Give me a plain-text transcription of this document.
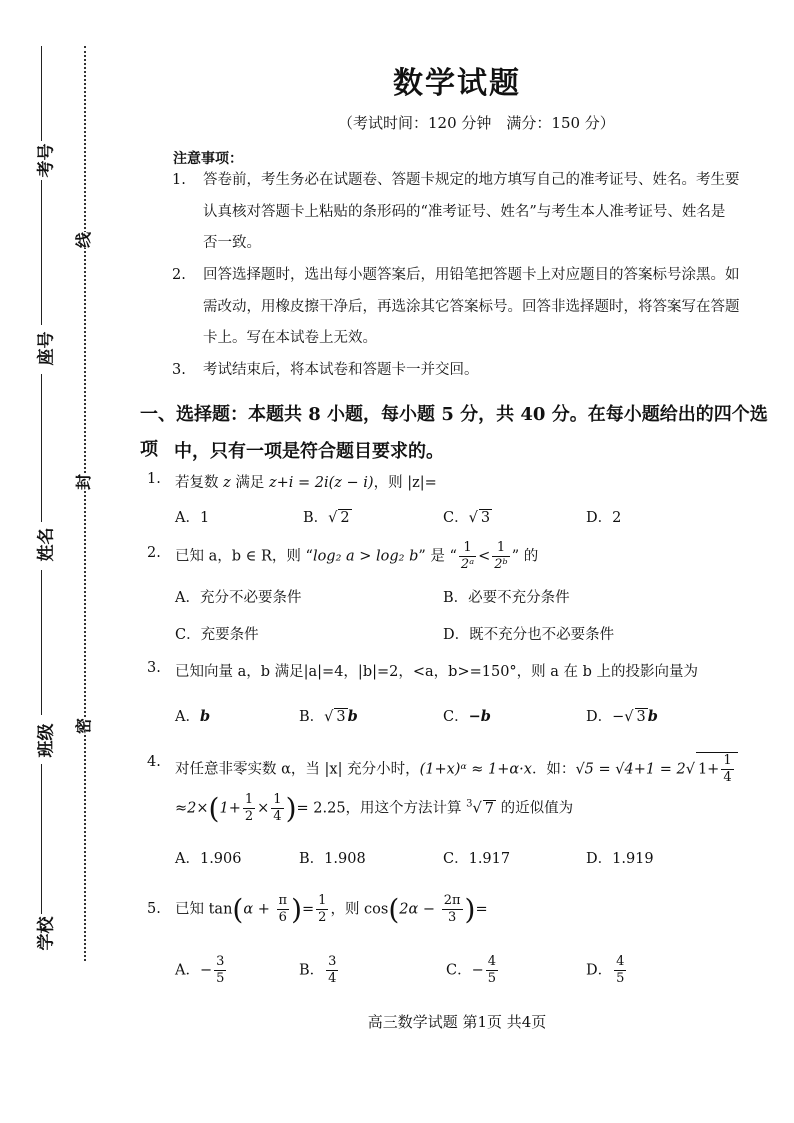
考号
座号
姓名
班级
学校
线
封
密
数学试题
（考试时间：120 分钟　满分：150 分）
注意事项：
1. 答卷前，考生务必在试题卷、答题卡规定的地方填写自己的准考证号、姓名。考生要
认真核对答题卡上粘贴的条形码的“准考证号、姓名”与考生本人准考证号、姓名是
否一致。
2. 回答选择题时，选出每小题答案后，用铅笔把答题卡上对应题目的答案标号涂黑。如
需改动，用橡皮擦干净后，再选涂其它答案标号。回答非选择题时，将答案写在答题
卡上。写在本试卷上无效。
3. 考试结束后，将本试卷和答题卡一并交回。
一、选择题：本题共 8 小题，每小题 5 分，共 40 分。在每小题给出的四个选项 中，只有一项是符合题目要求的。
1. 若复数 z 满足 z+i = 2i(z − i)，则 |z|=
A．1	B．√ 2	C．√ 3	D．2
2. 已知 a，b ∈ R，则 “log₂ a > log₂ b” 是 “ $\frac{1}{\text{2ᵃ}} < \frac{1}{\text{2ᵇ}}$ ” 的
A．充分不必要条件	B．必要不充分条件
C．充要条件	D．既不充分也不必要条件
3. 已知向量 a，b 满足|a|=4，|b|=2，<a，b>=150°，则 a 在 b 上的投影向量为
A．b	B．√ 3 b	C．−b	D．−√ 3 b
4. 对任意非零实数 α，当 |x| 充分小时，(1+x)ᵅ ≈ 1+α·x．如：√5 = √4+1 = 2√ $1+ \frac{1}{4}$
$\approx 2\times(1+ \frac{1}{2} \times \frac{1}{4}$ )= 2.25，用这个方法计算 $^3$√ 7 的近似值为
A．1.906	B．1.908	C．1.917	D．1.919
5. 已知 $\tan(\alpha + \frac{\pi}{6}$ )= $\frac{1}{2}$ ，则 $\cos(2\alpha - \frac{2\pi}{3}$ )=
A．− $\frac{3}{5}$	B． $\frac{3}{4}$	C．− $\frac{4}{5}$	D． $\frac{4}{5}$
高三数学试题 第1页 共4页
